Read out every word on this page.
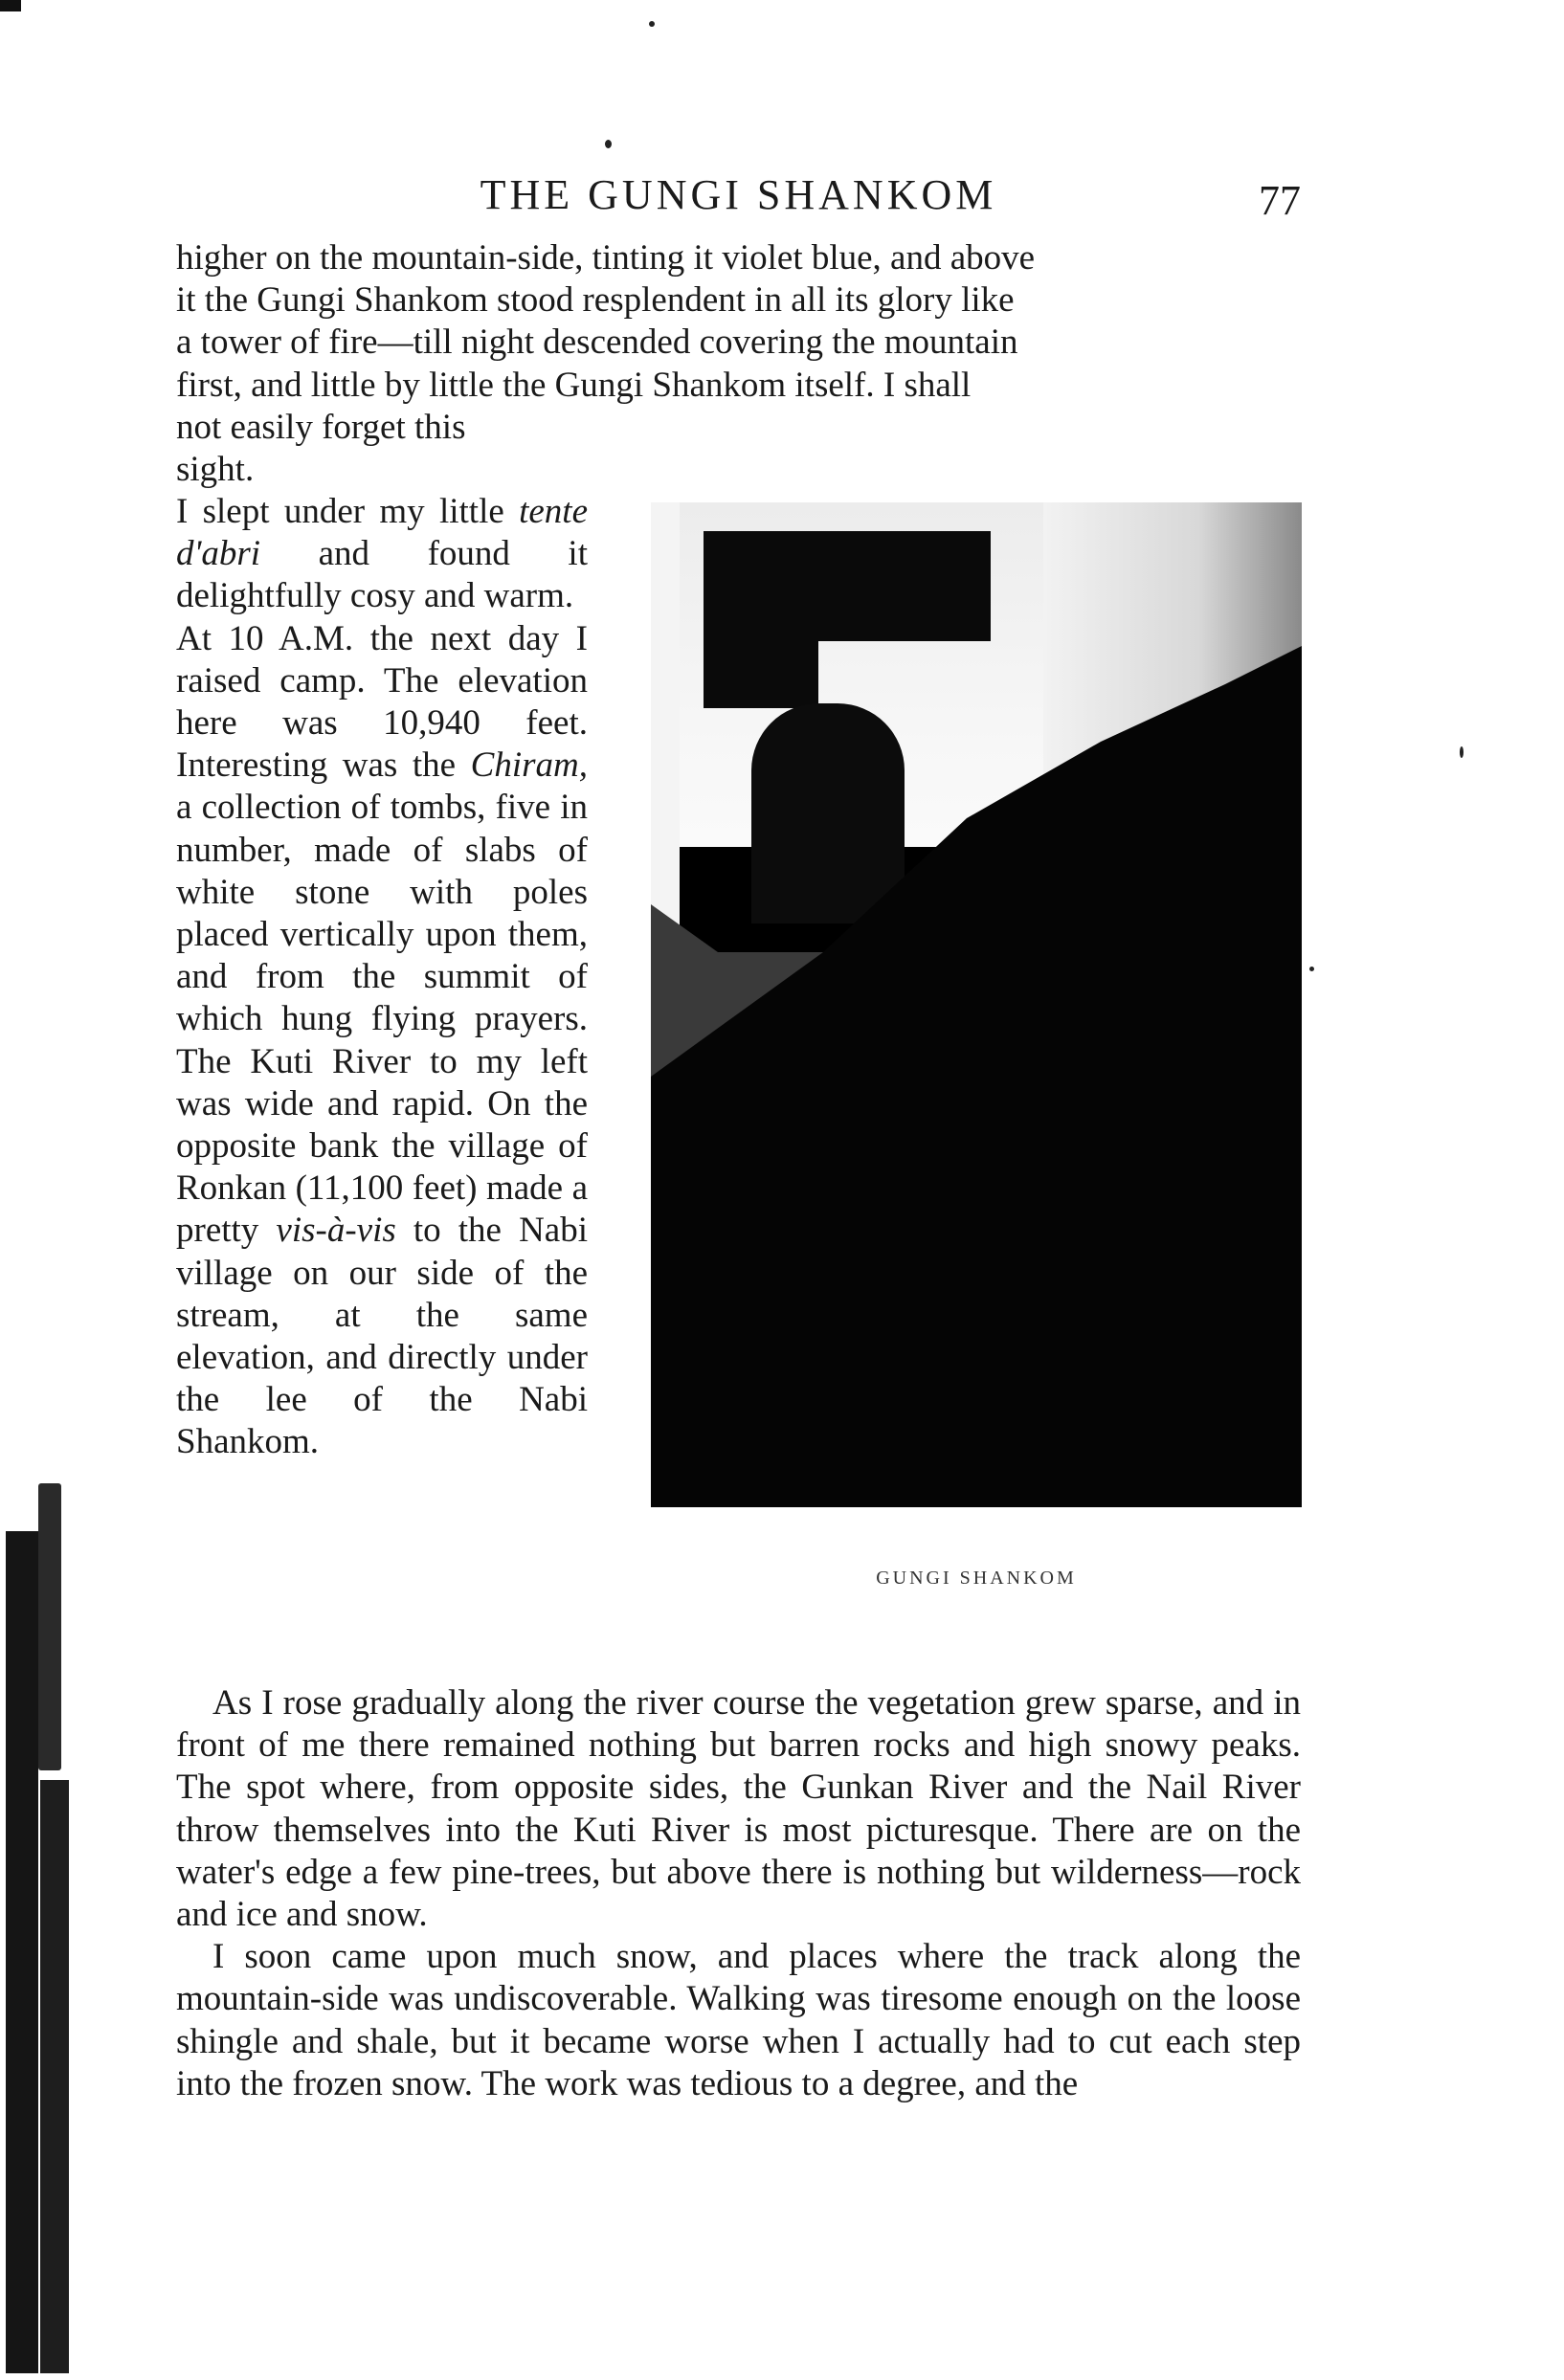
THE GUNGI SHANKOM	77

higher on the mountain-side, tinting it violet blue, and above
it the Gungi Shankom stood resplendent in all its glory like
a tower of fire—till night descended covering the mountain
first, and little by little the Gungi Shankom itself. I shall
not easily forget this
sight.

I slept under my little tente d'abri and found it delightfully cosy and warm.

At 10 A.M. the next day I raised camp. The elevation here was 10,940 feet. Interesting was the Chiram, a collection of tombs, five in number, made of slabs of white stone with poles placed vertically upon them, and from the summit of which hung flying prayers. The Kuti River to my left was wide and rapid. On the opposite bank the village of Ronkan (11,100 feet) made a pretty vis-à-vis to the Nabi village on our side of the stream, at the same elevation, and directly under the lee of the Nabi Shankom.

GUNGI SHANKOM

As I rose gradually along the river course the vegetation grew sparse, and in front of me there remained nothing but barren rocks and high snowy peaks. The spot where, from opposite sides, the Gunkan River and the Nail River throw themselves into the Kuti River is most picturesque. There are on the water's edge a few pine-trees, but above there is nothing but wilderness—rock and ice and snow.

I soon came upon much snow, and places where the track along the mountain-side was undiscoverable. Walking was tiresome enough on the loose shingle and shale, but it became worse when I actually had to cut each step into the frozen snow. The work was tedious to a degree, and the
